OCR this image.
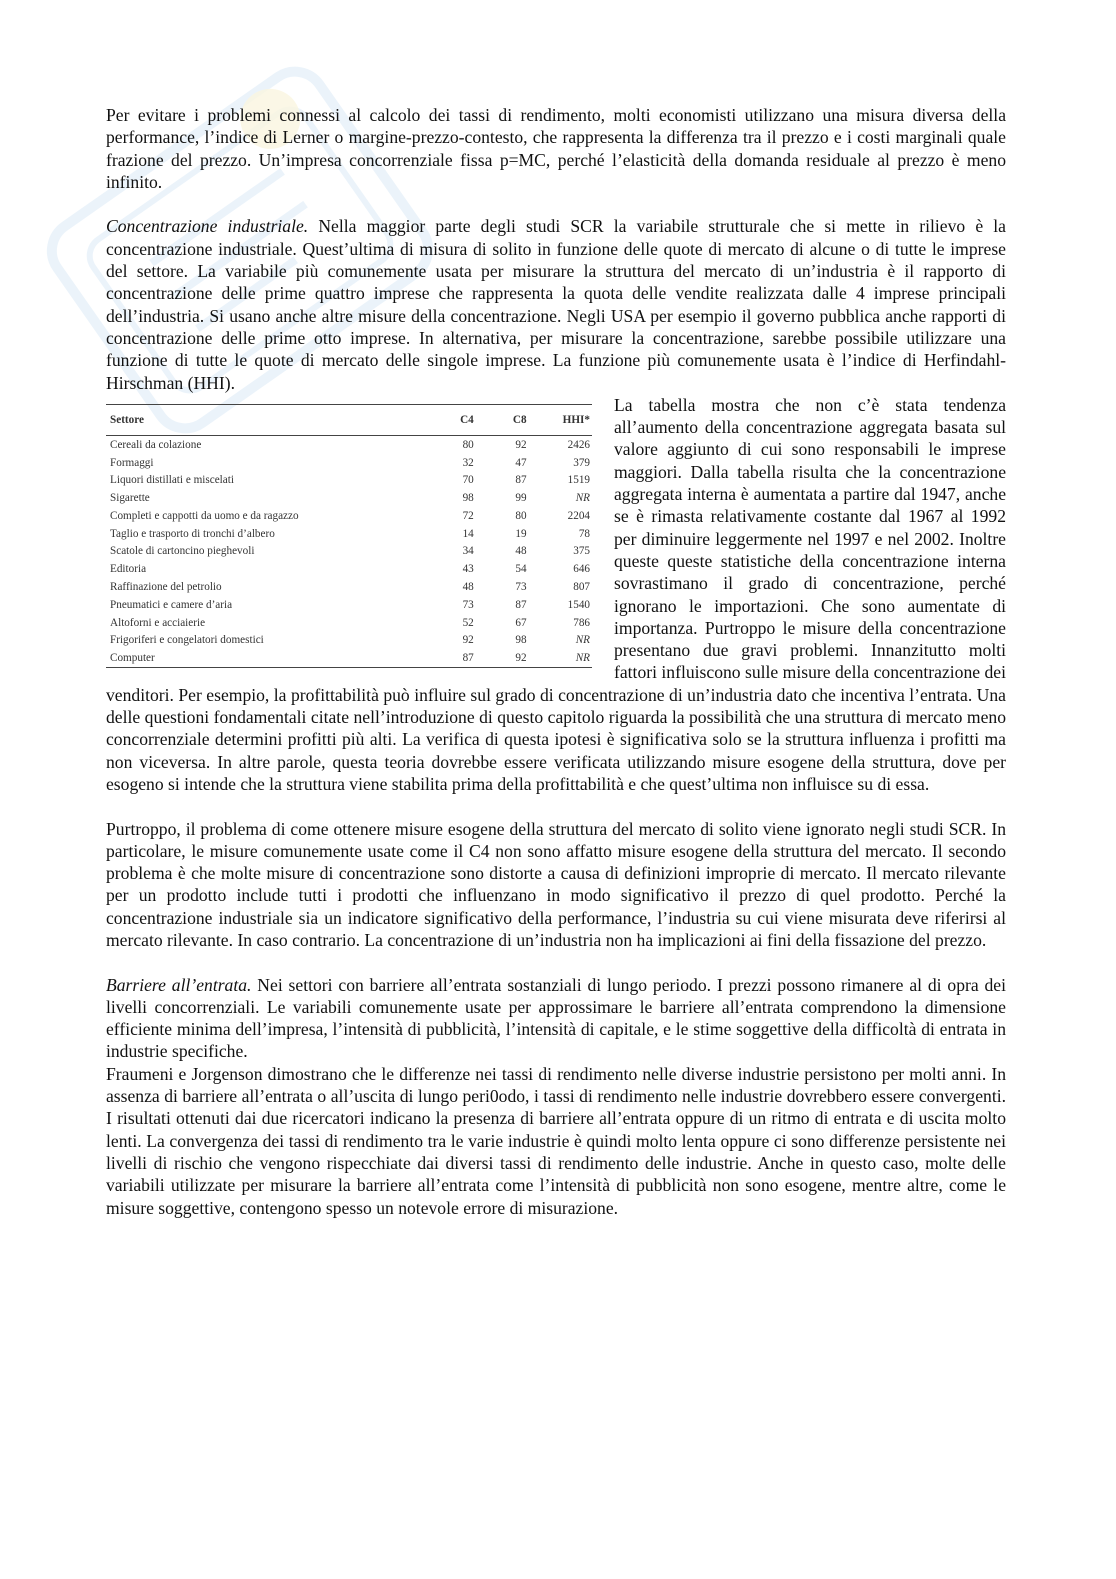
Per evitare i problemi connessi al calcolo dei tassi di rendimento, molti economisti utilizzano una misura diversa della performance, l’indice di Lerner o margine-prezzo-contesto, che rappresenta la differenza tra il prezzo e i costi marginali quale frazione del prezzo. Un’impresa concorrenziale fissa p=MC, perché l’elasticità della domanda residuale al prezzo è meno infinito.

Concentrazione industriale. Nella maggior parte degli studi SCR la variabile strutturale che si mette in rilievo è la concentrazione industriale. Quest’ultima di misura di solito in funzione delle quote di mercato di alcune o di tutte le imprese del settore. La variabile più comunemente usata per misurare la struttura del mercato di un’industria è il rapporto di concentrazione delle prime quattro imprese che rappresenta la quota delle vendite realizzata dalle 4 imprese principali dell’industria. Si usano anche altre misure della concentrazione. Negli USA per esempio il governo pubblica anche rapporti di concentrazione delle prime otto imprese. In alternativa, per misurare la concentrazione, sarebbe possibile utilizzare una funzione di tutte le quote di mercato delle singole imprese. La funzione più comunemente usata è l’indice di Herfindahl-Hirschman (HHI).

Settore	C4	C8	HHI*
Cereali da colazione	80	92	2426
Formaggi	32	47	379
Liquori distillati e miscelati	70	87	1519
Sigarette	98	99	NR
Completi e cappotti da uomo e da ragazzo	72	80	2204
Taglio e trasporto di tronchi d’albero	14	19	78
Scatole di cartoncino pieghevoli	34	48	375
Editoria	43	54	646
Raffinazione del petrolio	48	73	807
Pneumatici e camere d’aria	73	87	1540
Altoforni e acciaierie	52	67	786
Frigoriferi e congelatori domestici	92	98	NR
Computer	87	92	NR

La tabella mostra che non c’è stata tendenza all’aumento della concentrazione aggregata basata sul valore aggiunto di cui sono responsabili le imprese maggiori. Dalla tabella risulta che la concentrazione aggregata interna è aumentata a partire dal 1947, anche se è rimasta relativamente costante dal 1967 al 1992 per diminuire leggermente nel 1997 e nel 2002. Inoltre queste queste statistiche della concentrazione interna sovrastimano il grado di concentrazione, perché ignorano le importazioni. Che sono aumentate di importanza. Purtroppo le misure della concentrazione presentano due gravi problemi. Innanzitutto molti fattori influiscono sulle misure della concentrazione dei venditori. Per esempio, la profittabilità può influire sul grado di concentrazione di un’industria dato che incentiva l’entrata. Una delle questioni fondamentali citate nell’introduzione di questo capitolo riguarda la possibilità che una struttura di mercato meno concorrenziale determini profitti più alti. La verifica di questa ipotesi è significativa solo se la struttura influenza i profitti ma non viceversa. In altre parole, questa teoria dovrebbe essere verificata utilizzando misure esogene della struttura, dove per esogeno si intende che la struttura viene stabilita prima della profittabilità e che quest’ultima non influisce su di essa.

Purtroppo, il problema di come ottenere misure esogene della struttura del mercato di solito viene ignorato negli studi SCR. In particolare, le misure comunemente usate come il C4 non sono affatto misure esogene della struttura del mercato. Il secondo problema è che molte misure di concentrazione sono distorte a causa di definizioni improprie di mercato. Il mercato rilevante per un prodotto include tutti i prodotti che influenzano in modo significativo il prezzo di quel prodotto. Perché la concentrazione industriale sia un indicatore significativo della performance, l’industria su cui viene misurata deve riferirsi al mercato rilevante. In caso contrario. La concentrazione di un’industria non ha implicazioni ai fini della fissazione del prezzo.

Barriere all’entrata. Nei settori con barriere all’entrata sostanziali di lungo periodo. I prezzi possono rimanere al di opra dei livelli concorrenziali. Le variabili comunemente usate per approssimare le barriere all’entrata comprendono la dimensione efficiente minima dell’impresa, l’intensità di pubblicità, l’intensità di capitale, e le stime soggettive della difficoltà di entrata in industrie specifiche.

Fraumeni e Jorgenson dimostrano che le differenze nei tassi di rendimento nelle diverse industrie persistono per molti anni. In assenza di barriere all’entrata o all’uscita di lungo peri0odo, i tassi di rendimento nelle industrie dovrebbero essere convergenti. I risultati ottenuti dai due ricercatori indicano la presenza di barriere all’entrata oppure di un ritmo di entrata e di uscita molto lenti. La convergenza dei tassi di rendimento tra le varie industrie è quindi molto lenta oppure ci sono differenze persistente nei livelli di rischio che vengono rispecchiate dai diversi tassi di rendimento delle industrie. Anche in questo caso, molte delle variabili utilizzate per misurare la barriere all’entrata come l’intensità di pubblicità non sono esogene, mentre altre, come le misure soggettive, contengono spesso un notevole errore di misurazione.
